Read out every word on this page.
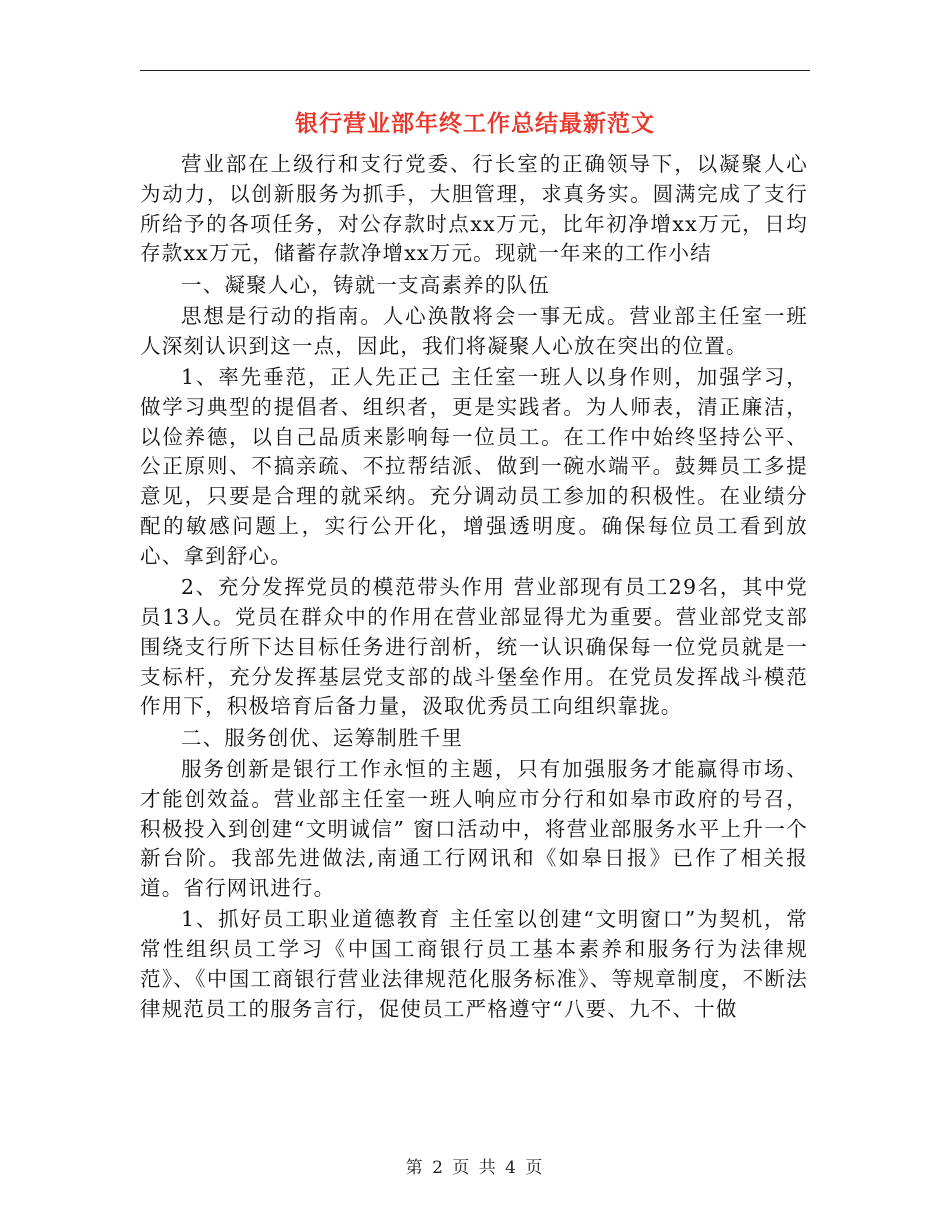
银行营业部年终工作总结最新范文

营业部在上级行和支行党委、行长室的正确领导下，以凝聚人心为动力，以创新服务为抓手，大胆管理，求真务实。圆满完成了支行所给予的各项任务，对公存款时点xx万元，比年初净增xx万元，日均存款xx万元，储蓄存款净增xx万元。现就一年来的工作小结

一、凝聚人心，铸就一支高素养的队伍

思想是行动的指南。人心涣散将会一事无成。营业部主任室一班人深刻认识到这一点，因此，我们将凝聚人心放在突出的位置。

1、率先垂范，正人先正己 主任室一班人以身作则，加强学习，做学习典型的提倡者、组织者，更是实践者。为人师表，清正廉洁，以俭养德，以自己品质来影响每一位员工。在工作中始终坚持公平、公正原则、不搞亲疏、不拉帮结派、做到一碗水端平。鼓舞员工多提意见，只要是合理的就采纳。充分调动员工参加的积极性。在业绩分配的敏感问题上，实行公开化，增强透明度。确保每位员工看到放心、拿到舒心。

2、充分发挥党员的模范带头作用 营业部现有员工29名，其中党员13人。党员在群众中的作用在营业部显得尤为重要。营业部党支部围绕支行所下达目标任务进行剖析，统一认识确保每一位党员就是一支标杆，充分发挥基层党支部的战斗堡垒作用。在党员发挥战斗模范作用下，积极培育后备力量，汲取优秀员工向组织靠拢。

二、服务创优、运筹制胜千里

服务创新是银行工作永恒的主题，只有加强服务才能赢得市场、才能创效益。营业部主任室一班人响应市分行和如皋市政府的号召，积极投入到创建“文明诚信” 窗口活动中，将营业部服务水平上升一个新台阶。我部先进做法,南通工行网讯和《如皋日报》已作了相关报道。省行网讯进行。

1、抓好员工职业道德教育 主任室以创建“文明窗口”为契机，常常性组织员工学习《中国工商银行员工基本素养和服务行为法律规范》、《中国工商银行营业法律规范化服务标准》、等规章制度，不断法律规范员工的服务言行，促使员工严格遵守“八要、九不、十做

第 2 页 共 4 页
